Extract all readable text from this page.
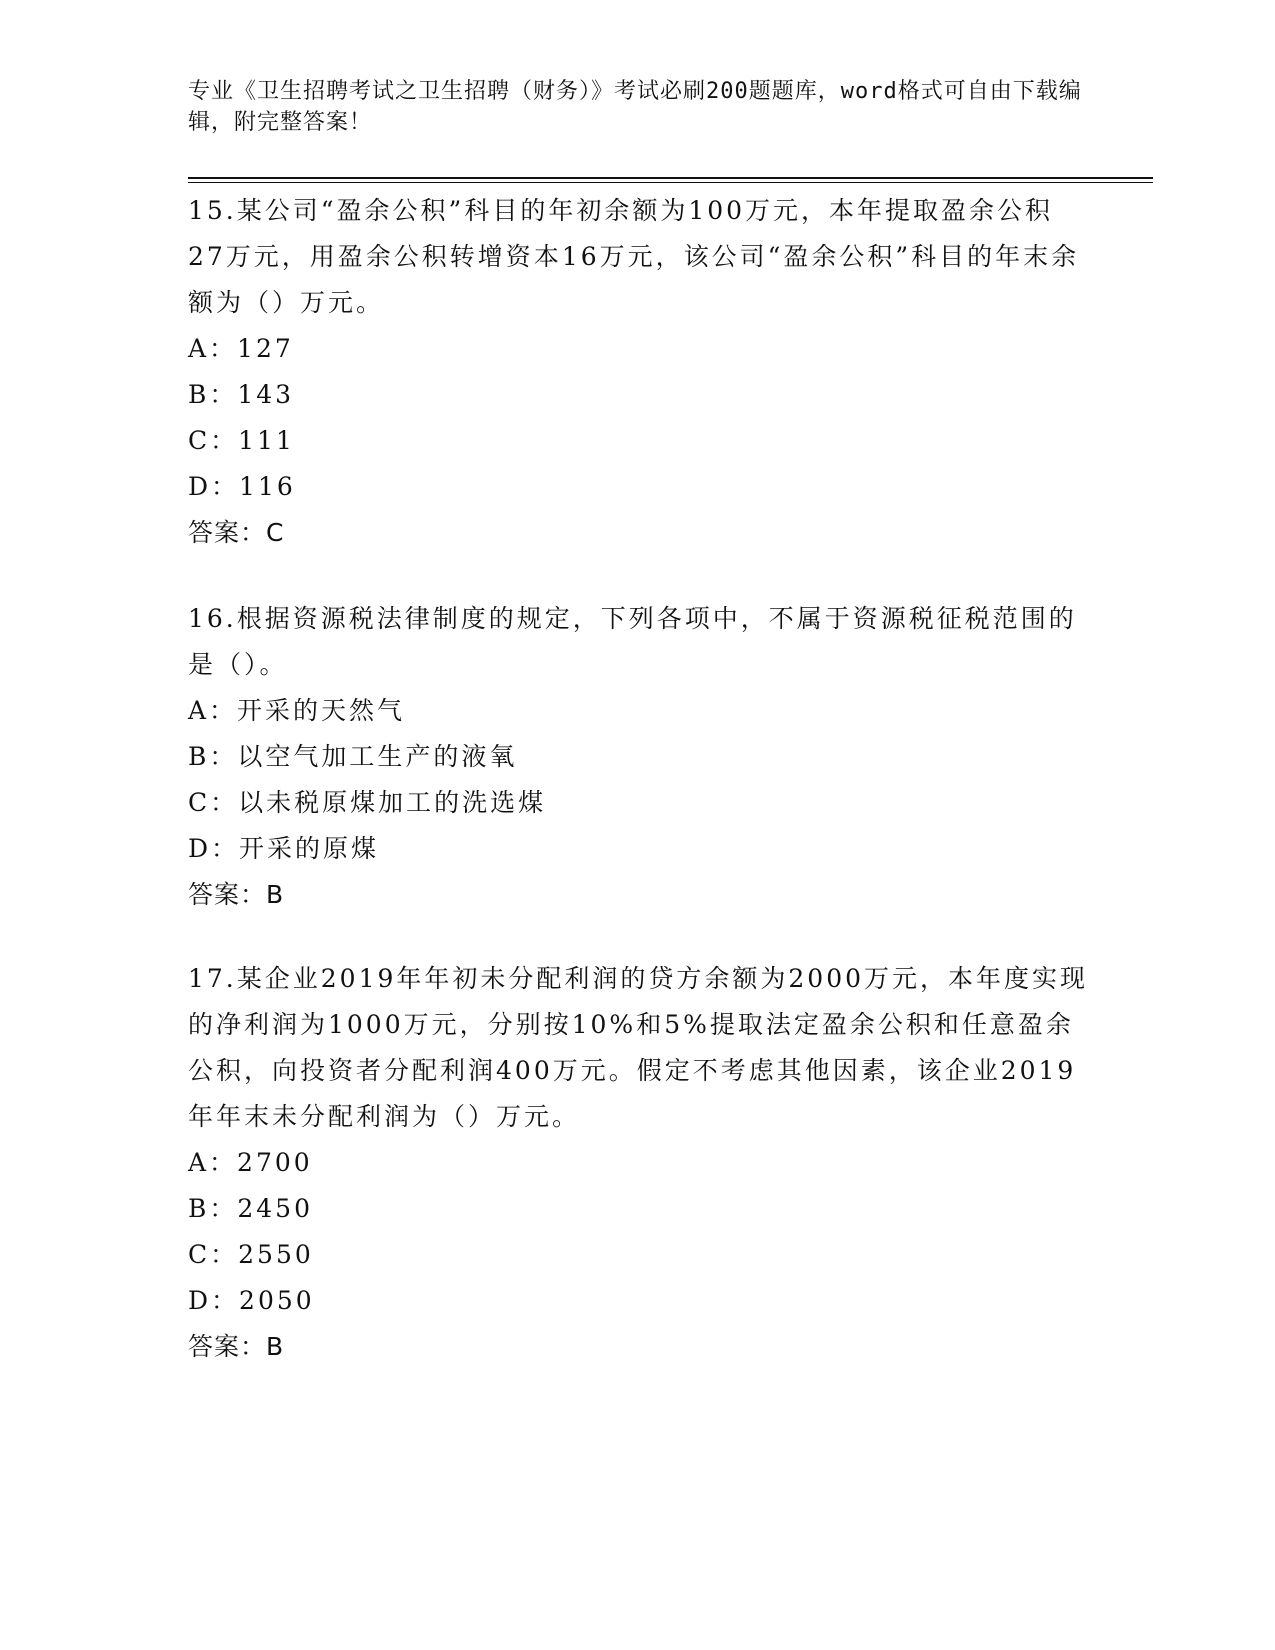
专业《卫生招聘考试之卫生招聘（财务）》考试必刷200题题库，word格式可自由下载编辑，附完整答案！
15.某公司“盈余公积”科目的年初余额为100万元，本年提取盈余公积27万元，用盈余公积转增资本16万元，该公司“盈余公积”科目的年末余额为（）万元。
A：127
B：143
C：111
D：116
答案：C
16.根据资源税法律制度的规定，下列各项中，不属于资源税征税范围的是（）。
A：开采的天然气
B：以空气加工生产的液氧
C：以未税原煤加工的洗选煤
D：开采的原煤
答案：B
17.某企业2019年年初未分配利润的贷方余额为2000万元，本年度实现的净利润为1000万元，分别按10%和5%提取法定盈余公积和任意盈余公积，向投资者分配利润400万元。假定不考虑其他因素，该企业2019年年末未分配利润为（）万元。
A：2700
B：2450
C：2550
D：2050
答案：B
